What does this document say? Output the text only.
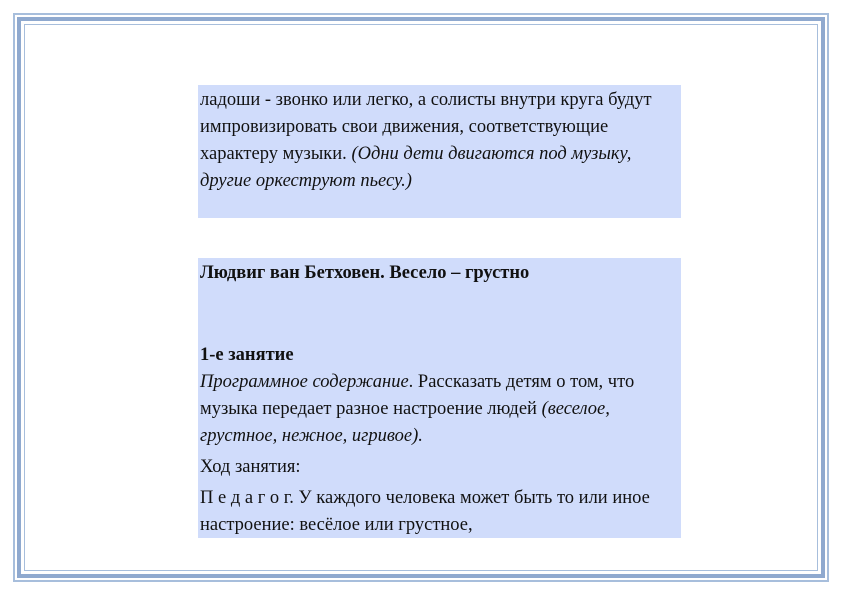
ладоши - звонко или легко, а солисты внутри круга будут импровизировать свои движения, соответствующие характеру музыки. (Одни дети двигаются под музыку, другие оркеструют пьесу.)

Людвиг ван Бетховен. Весело – грустно

1-е занятие

Программное содержание. Рассказать детям о том, что музыка передает разное настроение людей (веселое, грустное, нежное, игривое).

Ход занятия:

П е д а г о г. У каждого человека может быть то или иное настроение: весёлое или грустное,
